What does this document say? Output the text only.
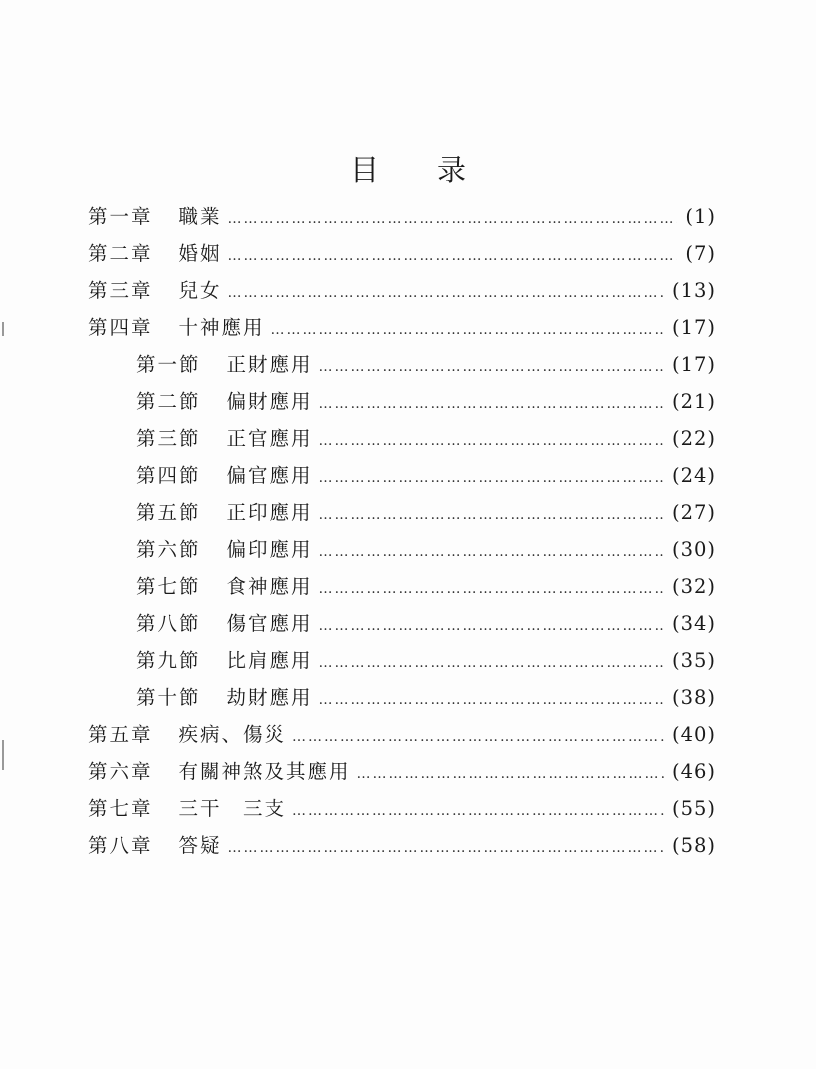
目录
第一章 職業 …………………………………………………………………………………………………………………………………………………	(1)
第二章 婚姻 …………………………………………………………………………………………………………………………………………………	(7)
第三章 兒女 …………………………………………………………………………………………………………………………………………………	(13)
第四章 十神應用 …………………………………………………………………………………………………………………………………………………	(17)
第一節 正財應用 …………………………………………………………………………………………………………………………………………………	(17)
第二節 偏財應用 …………………………………………………………………………………………………………………………………………………	(21)
第三節 正官應用 …………………………………………………………………………………………………………………………………………………	(22)
第四節 偏官應用 …………………………………………………………………………………………………………………………………………………	(24)
第五節 正印應用 …………………………………………………………………………………………………………………………………………………	(27)
第六節 偏印應用 …………………………………………………………………………………………………………………………………………………	(30)
第七節 食神應用 …………………………………………………………………………………………………………………………………………………	(32)
第八節 傷官應用 …………………………………………………………………………………………………………………………………………………	(34)
第九節 比肩應用 …………………………………………………………………………………………………………………………………………………	(35)
第十節 劫財應用 …………………………………………………………………………………………………………………………………………………	(38)
第五章 疾病、傷災 …………………………………………………………………………………………………………………………………………………	(40)
第六章 有關神煞及其應用 …………………………………………………………………………………………………………………………………………………	(46)
第七章 三干　三支 …………………………………………………………………………………………………………………………………………………	(55)
第八章 答疑 …………………………………………………………………………………………………………………………………………………	(58)
